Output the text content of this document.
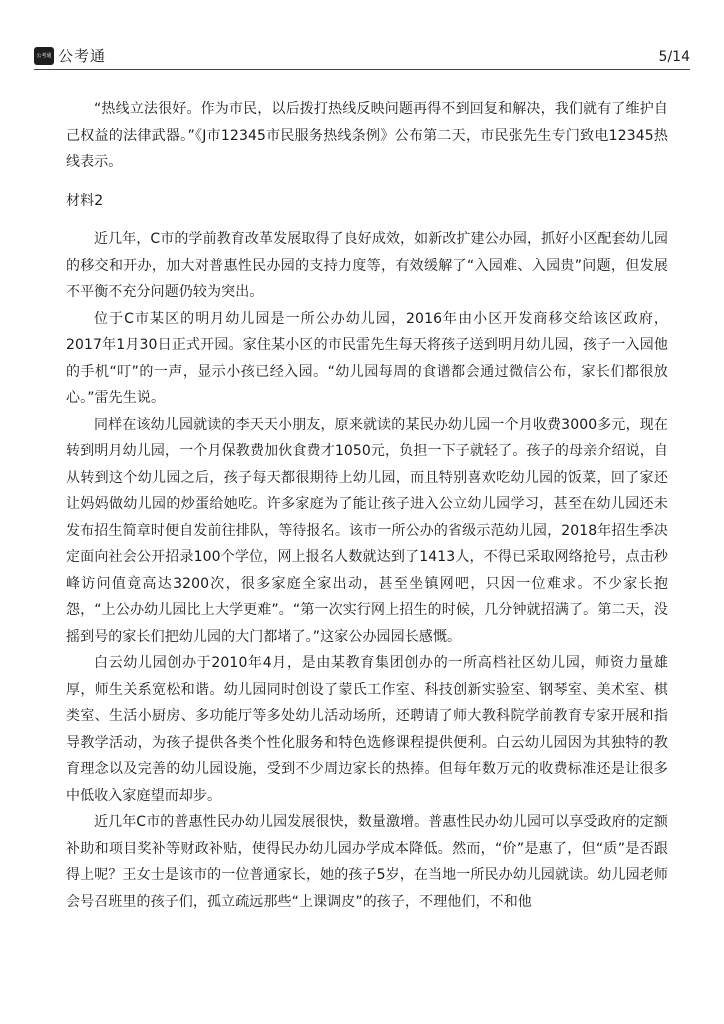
公考通 公考通	5/14

“热线立法很好。作为市民，以后拨打热线反映问题再得不到回复和解决，我们就有了维护自己权益的法律武器。”《J市12345市民服务热线条例》公布第二天，市民张先生专门致电12345热线表示。

材料2

近几年，C市的学前教育改革发展取得了良好成效，如新改扩建公办园，抓好小区配套幼儿园的移交和开办，加大对普惠性民办园的支持力度等，有效缓解了“入园难、入园贵”问题，但发展不平衡不充分问题仍较为突出。

位于C市某区的明月幼儿园是一所公办幼儿园，2016年由小区开发商移交给该区政府，2017年1月30日正式开园。家住某小区的市民雷先生每天将孩子送到明月幼儿园，孩子一入园他的手机“叮”的一声，显示小孩已经入园。“幼儿园每周的食谱都会通过微信公布，家长们都很放心。”雷先生说。

同样在该幼儿园就读的李天天小朋友，原来就读的某民办幼儿园一个月收费3000多元，现在转到明月幼儿园，一个月保教费加伙食费才1050元，负担一下子就轻了。孩子的母亲介绍说，自从转到这个幼儿园之后，孩子每天都很期待上幼儿园，而且特别喜欢吃幼儿园的饭菜，回了家还让妈妈做幼儿园的炒蛋给她吃。许多家庭为了能让孩子进入公立幼儿园学习，甚至在幼儿园还未发布招生简章时便自发前往排队，等待报名。该市一所公办的省级示范幼儿园，2018年招生季决定面向社会公开招录100个学位，网上报名人数就达到了1413人，不得已采取网络抢号，点击秒峰访问值竟高达3200次，很多家庭全家出动，甚至坐镇网吧，只因一位难求。不少家长抱怨，“上公办幼儿园比上大学更难”。“第一次实行网上招生的时候，几分钟就招满了。第二天，没摇到号的家长们把幼儿园的大门都堵了。”这家公办园园长感慨。

白云幼儿园创办于2010年4月，是由某教育集团创办的一所高档社区幼儿园，师资力量雄厚，师生关系宽松和谐。幼儿园同时创设了蒙氏工作室、科技创新实验室、钢琴室、美术室、棋类室、生活小厨房、多功能厅等多处幼儿活动场所，还聘请了师大教科院学前教育专家开展和指导教学活动，为孩子提供各类个性化服务和特色选修课程提供便利。白云幼儿园因为其独特的教育理念以及完善的幼儿园设施，受到不少周边家长的热捧。但每年数万元的收费标准还是让很多中低收入家庭望而却步。

近几年C市的普惠性民办幼儿园发展很快，数量激增。普惠性民办幼儿园可以享受政府的定额补助和项目奖补等财政补贴，使得民办幼儿园办学成本降低。然而，“价”是惠了，但“质”是否跟得上呢？王女士是该市的一位普通家长，她的孩子5岁，在当地一所民办幼儿园就读。幼儿园老师会号召班里的孩子们，孤立疏远那些“上课调皮”的孩子，不理他们，不和他
